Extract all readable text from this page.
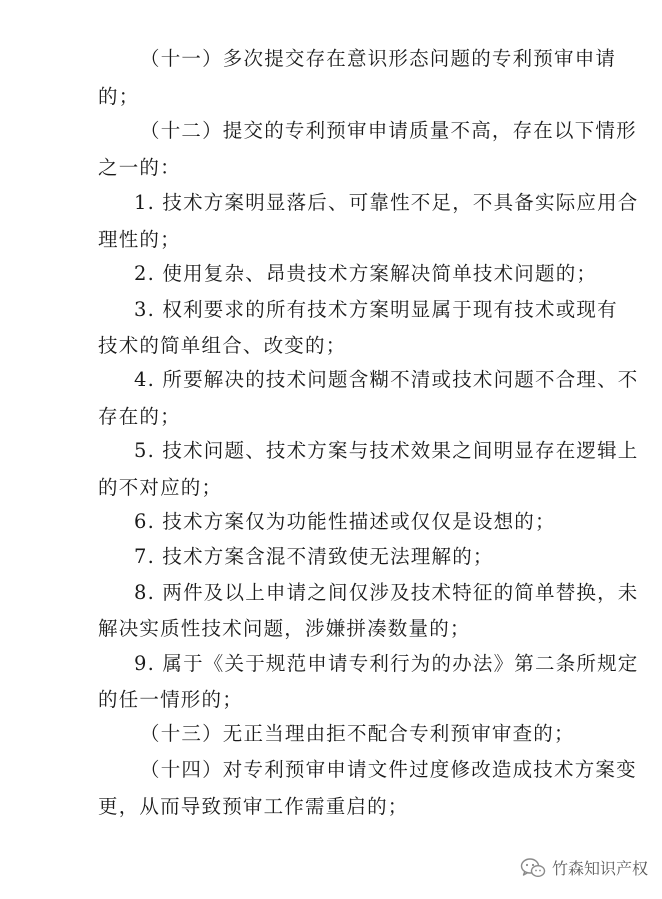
（十一）多次提交存在意识形态问题的专利预审申请
的；
（十二）提交的专利预审申请质量不高，存在以下情形
之一的：
1. 技术方案明显落后、可靠性不足，不具备实际应用合
理性的；
2. 使用复杂、昂贵技术方案解决简单技术问题的；
3. 权利要求的所有技术方案明显属于现有技术或现有
技术的简单组合、改变的；
4. 所要解决的技术问题含糊不清或技术问题不合理、不
存在的；
5. 技术问题、技术方案与技术效果之间明显存在逻辑上
的不对应的；
6. 技术方案仅为功能性描述或仅仅是设想的；
7. 技术方案含混不清致使无法理解的；
8. 两件及以上申请之间仅涉及技术特征的简单替换，未
解决实质性技术问题，涉嫌拼凑数量的；
9. 属于《关于规范申请专利行为的办法》第二条所规定
的任一情形的；
（十三）无正当理由拒不配合专利预审审查的；
（十四）对专利预审申请文件过度修改造成技术方案变
更，从而导致预审工作需重启的；
竹森知识产权
